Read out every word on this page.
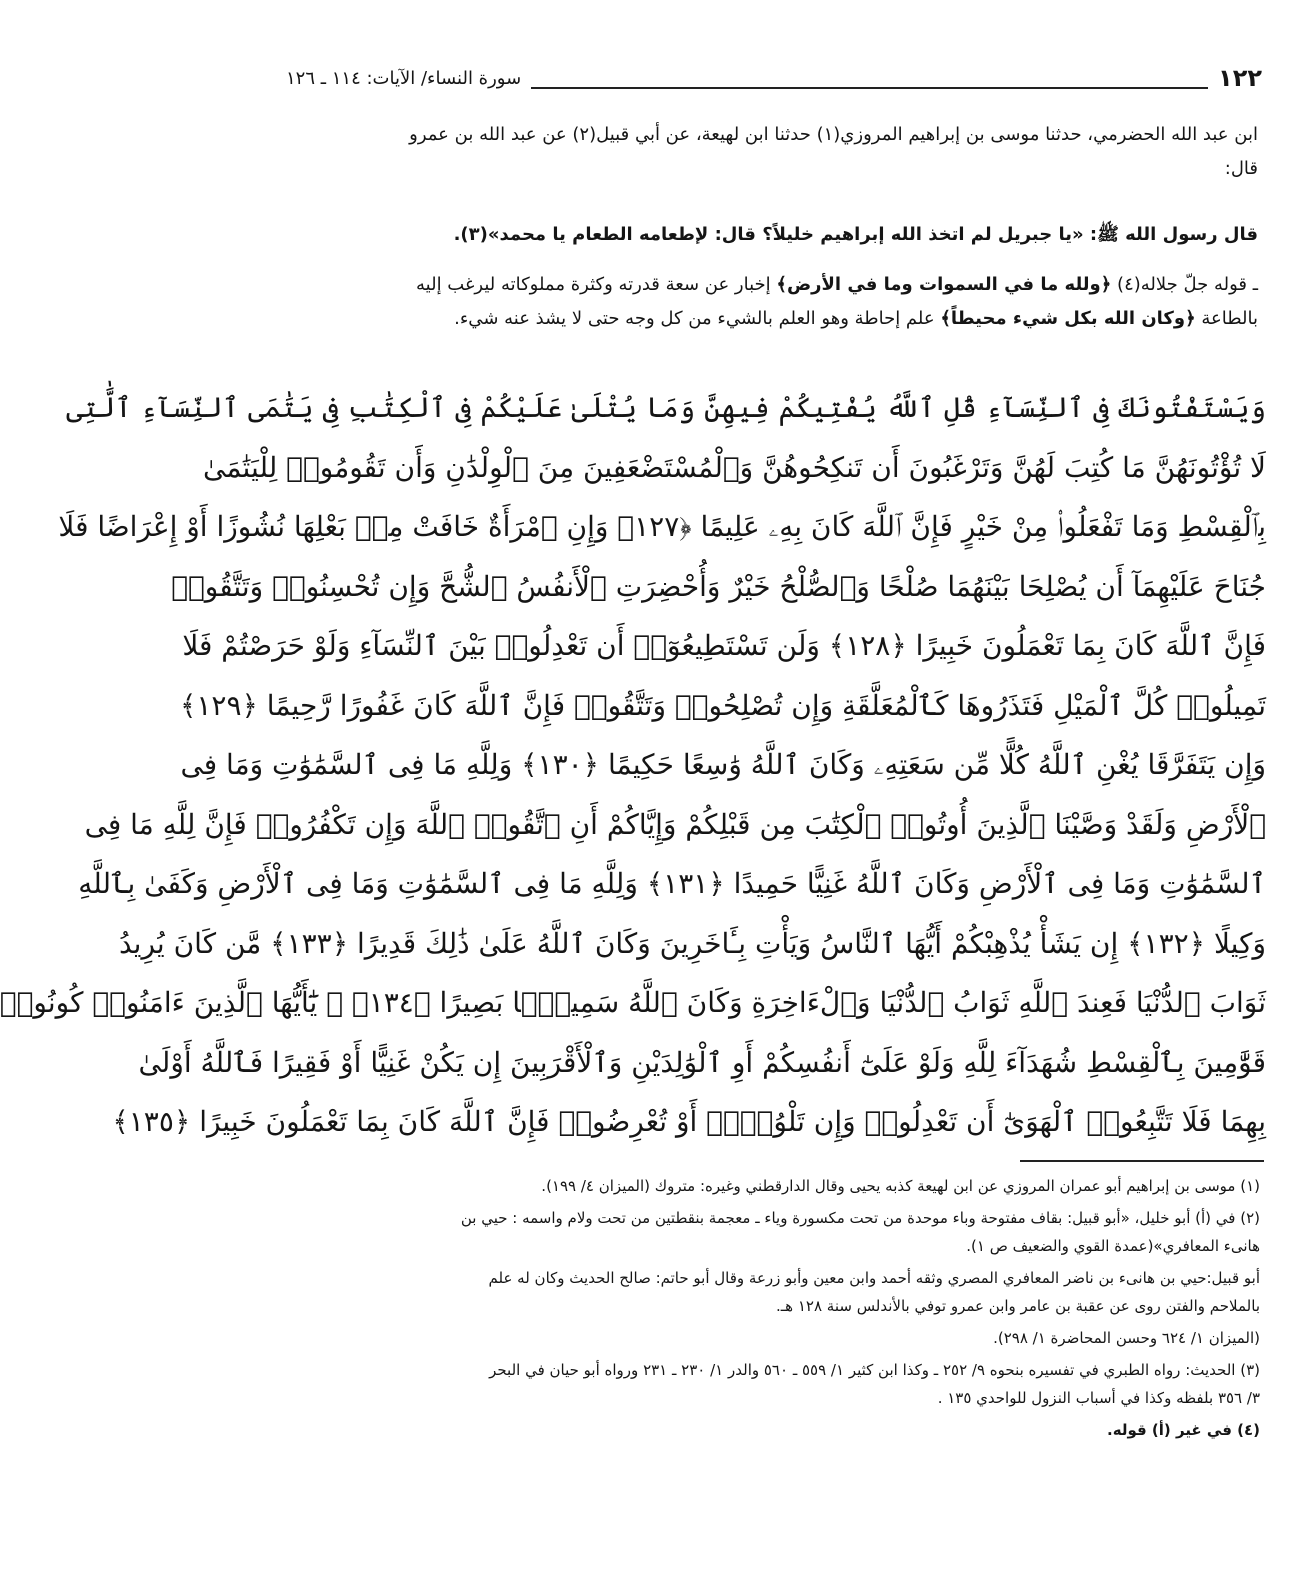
١٢٢
سورة النساء/ الآيات: ١١٤ ـ ١٢٦
ابن عبد الله الحضرمي، حدثنا موسى بن إبراهيم المروزي(١) حدثنا ابن لهيعة، عن أبي قبيل(٢) عن عبد الله بن عمرو
قال:
قال رسول الله ﷺ: «يا جبريل لم اتخذ الله إبراهيم خليلاً؟ قال: لإطعامه الطعام يا محمد»(٣).
ـ قوله جلّ جلاله(٤) ﴿ولله ما في السموات وما في الأرض﴾ إخبار عن سعة قدرته وكثرة مملوكاته ليرغب إليه
بالطاعة ﴿وكان الله بكل شيء محيطاً﴾ علم إحاطة وهو العلم بالشيء من كل وجه حتى لا يشذ عنه شيء.
وَيَسْتَفْتُونَكَ فِى ٱلنِّسَآءِ قُلِ ٱللَّهُ يُفْتِيكُمْ فِيهِنَّ وَمَا يُتْلَىٰ عَلَيْكُمْ فِى ٱلْكِتَٰبِ فِى يَتَٰمَى ٱلنِّسَآءِ ٱلَّٰتِى
لَا تُؤْتُونَهُنَّ مَا كُتِبَ لَهُنَّ وَتَرْغَبُونَ أَن تَنكِحُوهُنَّ وَٱلْمُسْتَضْعَفِينَ مِنَ ٱلْوِلْدَٰنِ وَأَن تَقُومُوا۟ لِلْيَتَٰمَىٰ
بِٱلْقِسْطِ وَمَا تَفْعَلُوا۟ مِنْ خَيْرٍ فَإِنَّ ٱللَّهَ كَانَ بِهِۦ عَلِيمًا ﴿١٢٧﴾ وَإِنِ ٱمْرَأَةٌ خَافَتْ مِنۢ بَعْلِهَا نُشُوزًا أَوْ إِعْرَاضًا فَلَا
جُنَاحَ عَلَيْهِمَآ أَن يُصْلِحَا بَيْنَهُمَا صُلْحًا وَٱلصُّلْحُ خَيْرٌ وَأُحْضِرَتِ ٱلْأَنفُسُ ٱلشُّحَّ وَإِن تُحْسِنُوا۟ وَتَتَّقُوا۟
فَإِنَّ ٱللَّهَ كَانَ بِمَا تَعْمَلُونَ خَبِيرًا ﴿١٢٨﴾ وَلَن تَسْتَطِيعُوٓا۟ أَن تَعْدِلُوا۟ بَيْنَ ٱلنِّسَآءِ وَلَوْ حَرَصْتُمْ فَلَا
تَمِيلُوا۟ كُلَّ ٱلْمَيْلِ فَتَذَرُوهَا كَٱلْمُعَلَّقَةِ وَإِن تُصْلِحُوا۟ وَتَتَّقُوا۟ فَإِنَّ ٱللَّهَ كَانَ غَفُورًا رَّحِيمًا ﴿١٢٩﴾
وَإِن يَتَفَرَّقَا يُغْنِ ٱللَّهُ كُلًّا مِّن سَعَتِهِۦ وَكَانَ ٱللَّهُ وَٰسِعًا حَكِيمًا ﴿١٣٠﴾ وَلِلَّهِ مَا فِى ٱلسَّمَٰوَٰتِ وَمَا فِى
ٱلْأَرْضِ وَلَقَدْ وَصَّيْنَا ٱلَّذِينَ أُوتُوا۟ ٱلْكِتَٰبَ مِن قَبْلِكُمْ وَإِيَّاكُمْ أَنِ ٱتَّقُوا۟ ٱللَّهَ وَإِن تَكْفُرُوا۟ فَإِنَّ لِلَّهِ مَا فِى
ٱلسَّمَٰوَٰتِ وَمَا فِى ٱلْأَرْضِ وَكَانَ ٱللَّهُ غَنِيًّا حَمِيدًا ﴿١٣١﴾ وَلِلَّهِ مَا فِى ٱلسَّمَٰوَٰتِ وَمَا فِى ٱلْأَرْضِ وَكَفَىٰ بِٱللَّهِ
وَكِيلًا ﴿١٣٢﴾ إِن يَشَأْ يُذْهِبْكُمْ أَيُّهَا ٱلنَّاسُ وَيَأْتِ بِـَٔاخَرِينَ وَكَانَ ٱللَّهُ عَلَىٰ ذَٰلِكَ قَدِيرًا ﴿١٣٣﴾ مَّن كَانَ يُرِيدُ
ثَوَابَ ٱلدُّنْيَا فَعِندَ ٱللَّهِ ثَوَابُ ٱلدُّنْيَا وَٱلْءَاخِرَةِ وَكَانَ ٱللَّهُ سَمِيعًۢا بَصِيرًا ﴿١٣٤﴾ ۞ يَٰٓأَيُّهَا ٱلَّذِينَ ءَامَنُوا۟ كُونُوا۟
قَوَّٰمِينَ بِٱلْقِسْطِ شُهَدَآءَ لِلَّهِ وَلَوْ عَلَىٰٓ أَنفُسِكُمْ أَوِ ٱلْوَٰلِدَيْنِ وَٱلْأَقْرَبِينَ إِن يَكُنْ غَنِيًّا أَوْ فَقِيرًا فَٱللَّهُ أَوْلَىٰ
بِهِمَا فَلَا تَتَّبِعُوا۟ ٱلْهَوَىٰٓ أَن تَعْدِلُوا۟ وَإِن تَلْوُۥٓا۟ أَوْ تُعْرِضُوا۟ فَإِنَّ ٱللَّهَ كَانَ بِمَا تَعْمَلُونَ خَبِيرًا ﴿١٣٥﴾
(١) موسى بن إبراهيم أبو عمران المروزي عن ابن لهيعة كذبه يحيى وقال الدارقطني وغيره: متروك (الميزان ٤/ ١٩٩).
(٢) في (أ) أبو خليل، «أبو قبيل: بقاف مفتوحة وباء موحدة من تحت مكسورة وياء ـ معجمة بنقطتين من تحت ولام واسمه : حيي بن
هانىء المعافري»(عمدة القوي والضعيف ص ١).
أبو قبيل:حيي بن هانىء بن ناضر المعافري المصري وثقه أحمد وابن معين وأبو زرعة وقال أبو حاتم: صالح الحديث وكان له علم
بالملاحم والفتن روى عن عقبة بن عامر وابن عمرو توفي بالأندلس سنة ١٢٨ هـ.
(الميزان ١/ ٦٢٤ وحسن المحاضرة ١/ ٢٩٨).
(٣) الحديث: رواه الطبري في تفسيره بنحوه ٩/ ٢٥٢ ـ وكذا ابن كثير ١/ ٥٥٩ ـ ٥٦٠ والدر ١/ ٢٣٠ ـ ٢٣١ ورواه أبو حيان في البحر
٣/ ٣٥٦ بلفظه وكذا في أسباب النزول للواحدي ١٣٥ .
(٤) في غير (أ) قوله.
